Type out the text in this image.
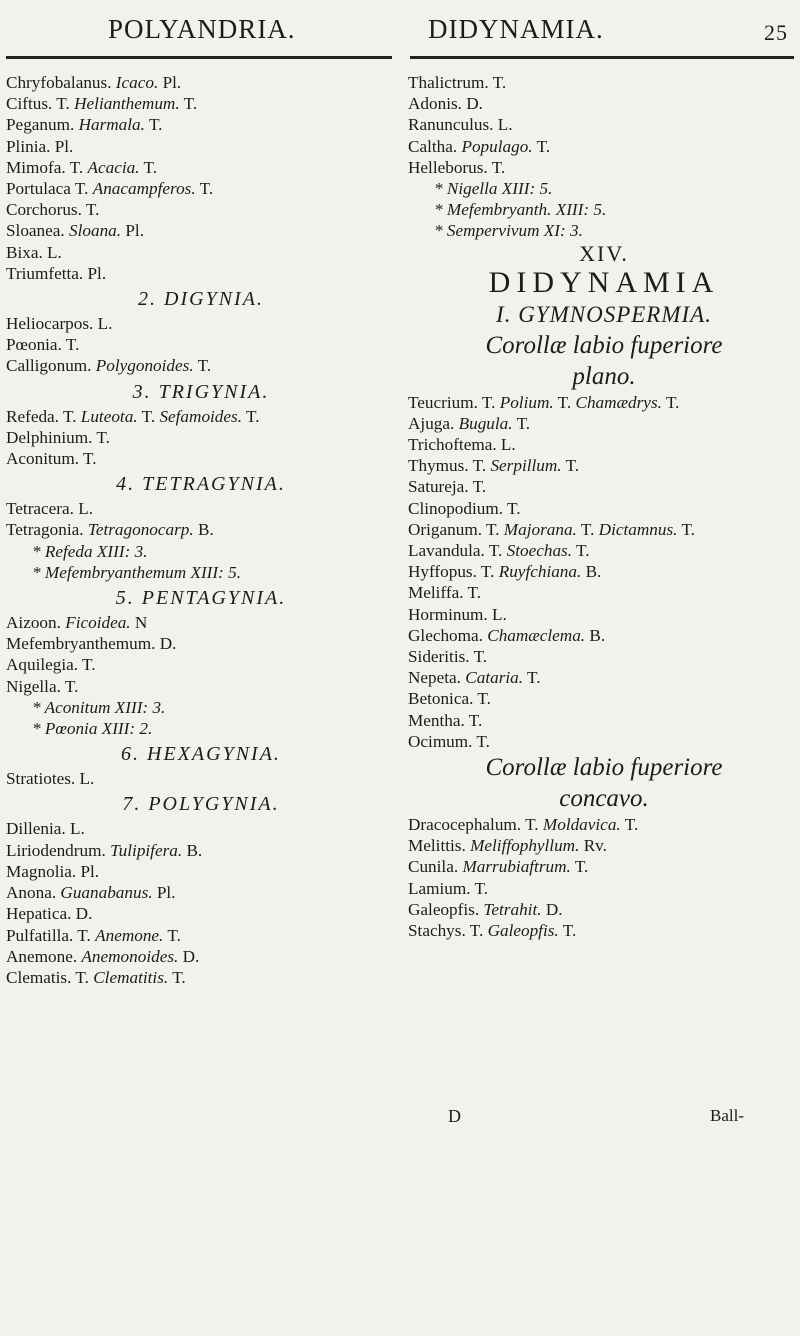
POLYANDRIA.	DIDYNAMIA.	25
Chryfobalanus. Icaco. Pl.
Ciftus. T. Helianthemum. T.
Peganum. Harmala. T.
Plinia. Pl.
Mimofa. T. Acacia. T.
Portulaca T. Anacampferos. T.
Corchorus. T.
Sloanea. Sloana. Pl.
Bixa. L.
Triumfetta. Pl.
2. DIGYNIA.
Heliocarpos. L.
Pœonia. T.
Calligonum. Polygonoides. T.
3. TRIGYNIA.
Refeda. T. Luteota. T. Sefamoides. T.
Delphinium. T.
Aconitum. T.
4. TETRAGYNIA.
Tetracera. L.
Tetragonia. Tetragonocarp. B.
* Refeda XIII: 3.
* Mefembryanthemum XIII: 5.
5. PENTAGYNIA.
Aizoon. Ficoidea. N
Mefembryanthemum. D.
Aquilegia. T.
Nigella. T.
* Aconitum XIII: 3.
* Pœonia XIII: 2.
6. HEXAGYNIA.
Stratiotes. L.
7. POLYGYNIA.
Dillenia. L.
Liriodendrum. Tulipifera. B.
Magnolia. Pl.
Anona. Guanabanus. Pl.
Hepatica. D.
Pulfatilla. T. Anemone. T.
Anemone. Anemonoides. D.
Clematis. T. Clematitis. T.
Thalictrum. T.
Adonis. D.
Ranunculus. L.
Caltha. Populago. T.
Helleborus. T.
* Nigella XIII: 5.
* Mefembryanth. XIII: 5.
* Sempervivum XI: 3.
XIV.
DIDYNAMIA
I. GYMNOSPERMIA.
Corollæ labio fuperiore
plano.
Teucrium. T. Polium. T. Chamædrys. T.
Ajuga. Bugula. T.
Trichoftema. L.
Thymus. T. Serpillum. T.
Satureja. T.
Clinopodium. T.
Origanum. T. Majorana. T. Dictamnus. T.
Lavandula. T. Stoechas. T.
Hyffopus. T. Ruyfchiana. B.
Meliffa. T.
Horminum. L.
Glechoma. Chamæclema. B.
Sideritis. T.
Nepeta. Cataria. T.
Betonica. T.
Mentha. T.
Ocimum. T.
Corollæ labio fuperiore
concavo.
Dracocephalum. T. Moldavica. T.
Melittis. Meliffophyllum. Rv.
Cunila. Marrubiaftrum. T.
Lamium. T.
Galeopfis. Tetrahit. D.
Stachys. T. Galeopfis. T.
D	Ball-
